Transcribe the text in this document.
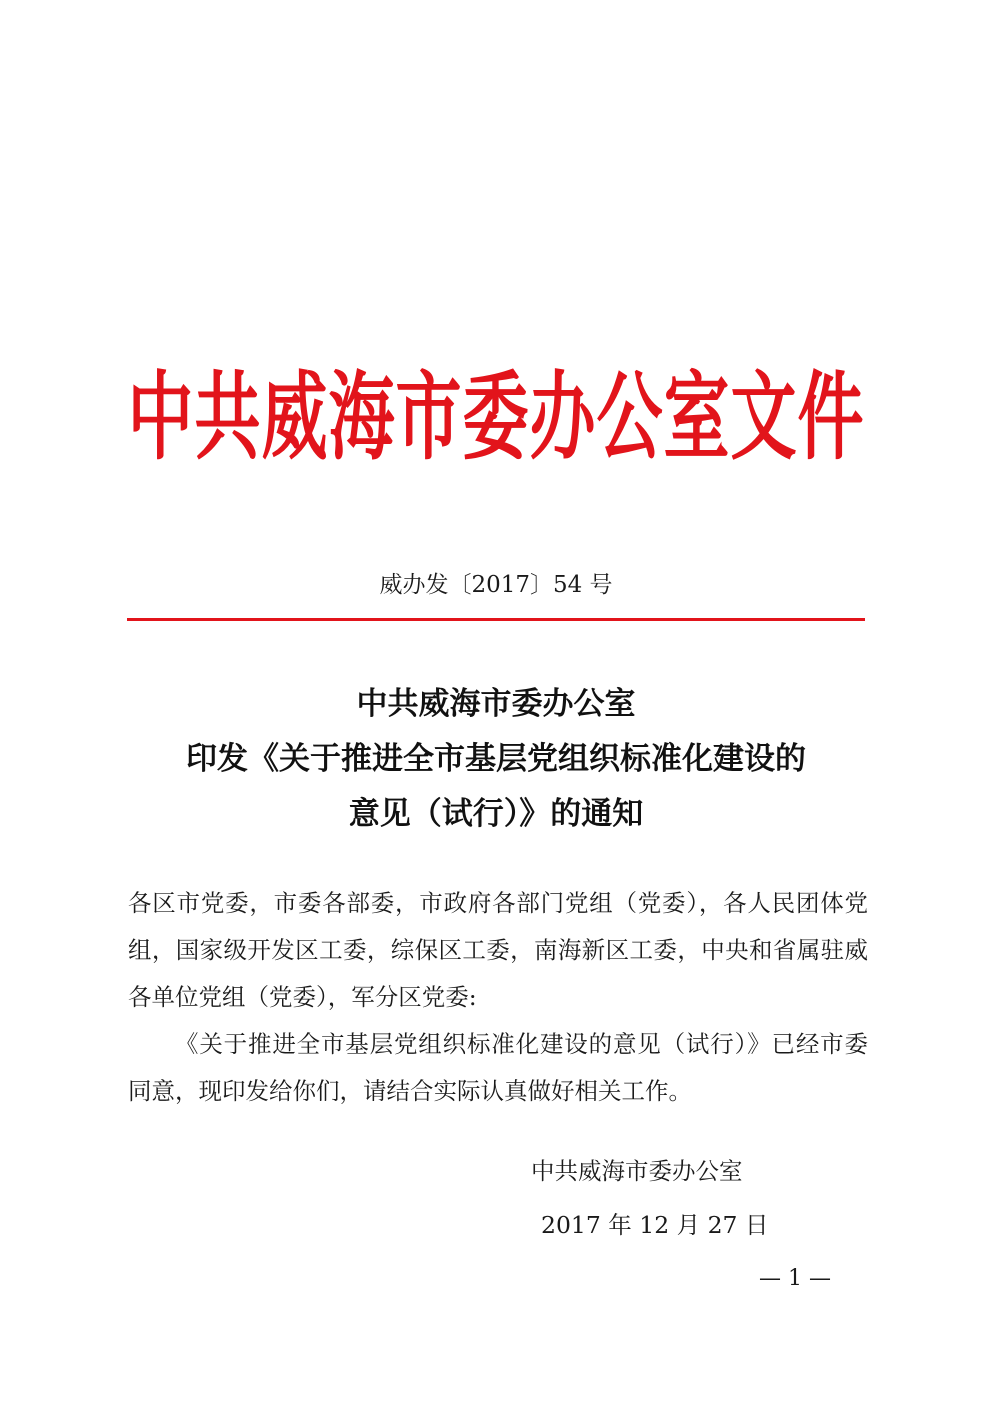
中共威海市委办公室文件
威办发〔2017〕54 号
中共威海市委办公室
印发《关于推进全市基层党组织标准化建设的
意见（试行）》的通知

各区市党委，市委各部委，市政府各部门党组（党委），各人民团体党组，国家级开发区工委，综保区工委，南海新区工委，中央和省属驻威各单位党组（党委），军分区党委:

《关于推进全市基层党组织标准化建设的意见（试行）》已经市委同意，现印发给你们，请结合实际认真做好相关工作。

中共威海市委办公室
2017 年 12 月 27 日
— 1 —
